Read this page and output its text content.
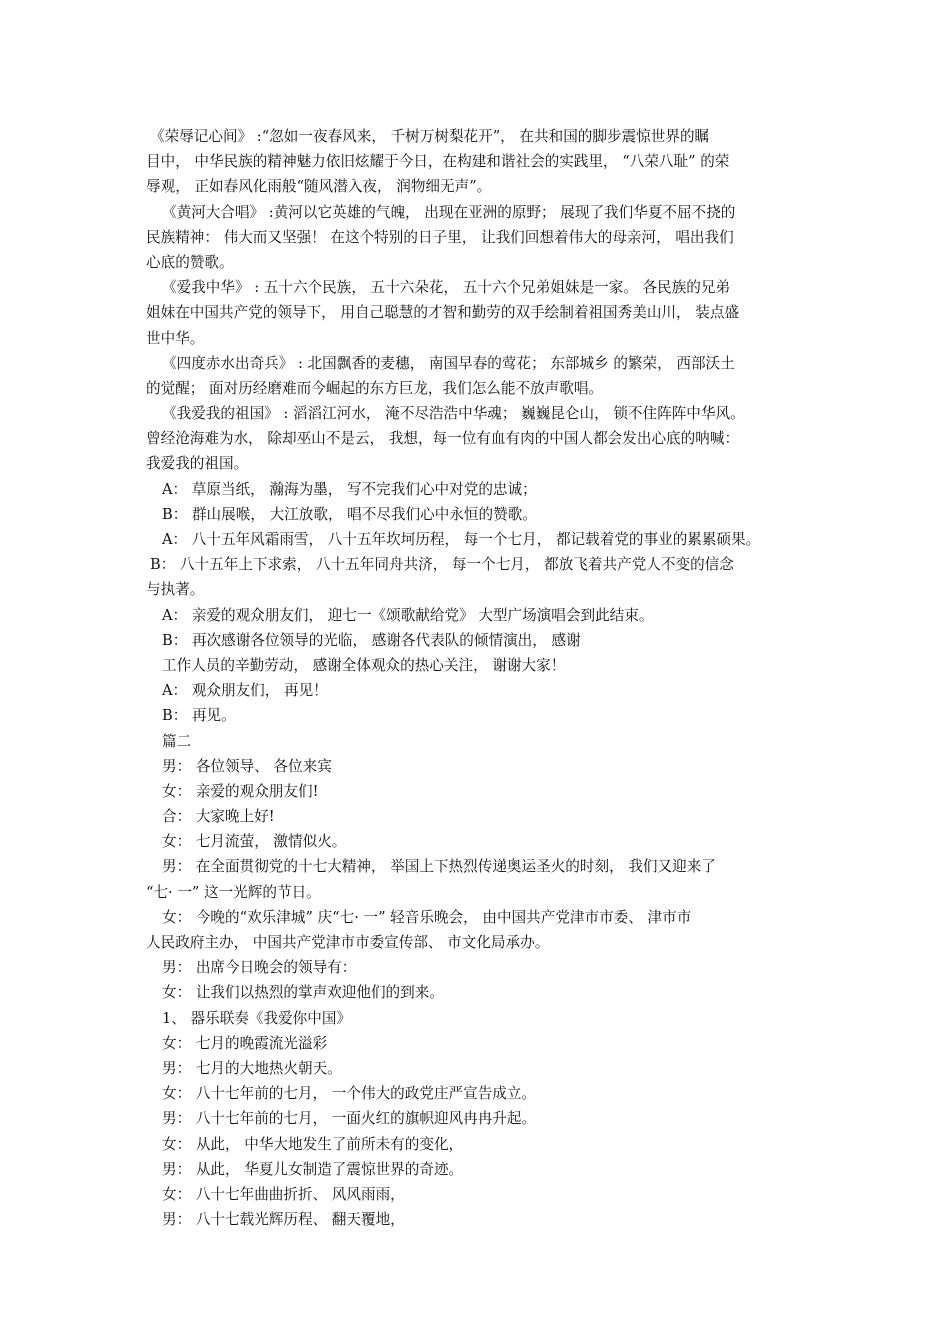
《荣辱记心间》 :“忽如一夜春风来， 千树万树梨花开”， 在共和国的脚步震惊世界的瞩
目中， 中华民族的精神魅力依旧炫耀于今日，在构建和谐社会的实践里， “八荣八耻” 的荣
辱观， 正如春风化雨般“随风潜入夜， 润物细无声”。
《黄河大合唱》 :黄河以它英雄的气魄， 出现在亚洲的原野； 展现了我们华夏不屈不挠的
民族精神： 伟大而又坚强！ 在这个特别的日子里， 让我们回想着伟大的母亲河， 唱出我们
心底的赞歌。
《爱我中华》 : 五十六个民族， 五十六朵花， 五十六个兄弟姐妹是一家。 各民族的兄弟
姐妹在中国共产党的领导下， 用自己聪慧的才智和勤劳的双手绘制着祖国秀美山川， 装点盛
世中华。
《四度赤水出奇兵》 : 北国飘香的麦穗， 南国早春的莺花； 东部城乡 的繁荣， 西部沃土
的觉醒； 面对历经磨难而今崛起的东方巨龙，我们怎么能不放声歌唱。
《我爱我的祖国》 : 滔滔江河水， 淹不尽浩浩中华魂； 巍巍昆仑山， 锁不住阵阵中华风。
曾经沧海难为水， 除却巫山不是云， 我想，每一位有血有肉的中国人都会发出心底的呐喊：
我爱我的祖国。
A： 草原当纸， 瀚海为墨， 写不完我们心中对党的忠诚；
B： 群山展喉， 大江放歌， 唱不尽我们心中永恒的赞歌。
A： 八十五年风霜雨雪， 八十五年坎坷历程， 每一个七月， 都记载着党的事业的累累硕果。
B： 八十五年上下求索， 八十五年同舟共济， 每一个七月， 都放飞着共产党人不变的信念
与执著。
A： 亲爱的观众朋友们， 迎七一《颂歌献给党》 大型广场演唱会到此结束。
B： 再次感谢各位领导的光临， 感谢各代表队的倾情演出， 感谢
工作人员的辛勤劳动， 感谢全体观众的热心关注， 谢谢大家！
A： 观众朋友们， 再见！
B： 再见。
篇二
男： 各位领导、 各位来宾
女： 亲爱的观众朋友们!
合： 大家晚上好!
女： 七月流萤， 激情似火。
男： 在全面贯彻党的十七大精神， 举国上下热烈传递奥运圣火的时刻， 我们又迎来了
“七· 一” 这一光辉的节日。
女： 今晚的“欢乐津城” 庆“七· 一” 轻音乐晚会， 由中国共产党津市市委、 津市市
人民政府主办， 中国共产党津市市委宣传部、 市文化局承办。
男： 出席今日晚会的领导有：
女： 让我们以热烈的掌声欢迎他们的到来。
1、 器乐联奏《我爱你中国》
女： 七月的晚霞流光溢彩
男： 七月的大地热火朝天。
女： 八十七年前的七月， 一个伟大的政党庄严宣告成立。
男： 八十七年前的七月， 一面火红的旗帜迎风冉冉升起。
女： 从此， 中华大地发生了前所未有的变化，
男： 从此， 华夏儿女制造了震惊世界的奇迹。
女： 八十七年曲曲折折、 风风雨雨，
男： 八十七载光辉历程、 翻天覆地，
